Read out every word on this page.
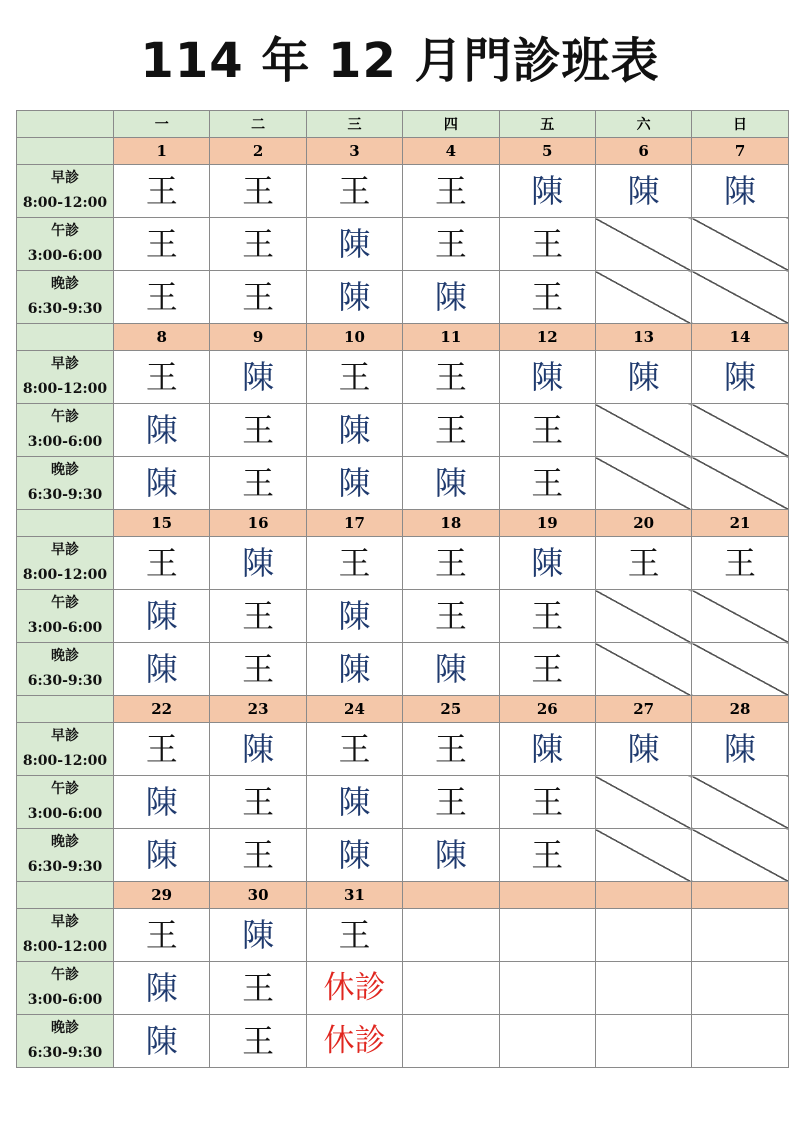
114 年 12 月門診班表
	一	二	三	四	五	六	日
	1	2	3	4	5	6	7

早診
8:00-12:00	王	王	王	王	陳	陳	陳

午診
3:00-6:00	王	王	陳	王	王		

晚診
6:30-9:30	王	王	陳	陳	王		
	8	9	10	11	12	13	14

早診
8:00-12:00	王	陳	王	王	陳	陳	陳

午診
3:00-6:00	陳	王	陳	王	王		

晚診
6:30-9:30	陳	王	陳	陳	王		
	15	16	17	18	19	20	21

早診
8:00-12:00	王	陳	王	王	陳	王	王

午診
3:00-6:00	陳	王	陳	王	王		

晚診
6:30-9:30	陳	王	陳	陳	王		
	22	23	24	25	26	27	28

早診
8:00-12:00	王	陳	王	王	陳	陳	陳

午診
3:00-6:00	陳	王	陳	王	王		

晚診
6:30-9:30	陳	王	陳	陳	王		
	29	30	31				

早診
8:00-12:00	王	陳	王				

午診
3:00-6:00	陳	王	休診				

晚診
6:30-9:30	陳	王	休診				
